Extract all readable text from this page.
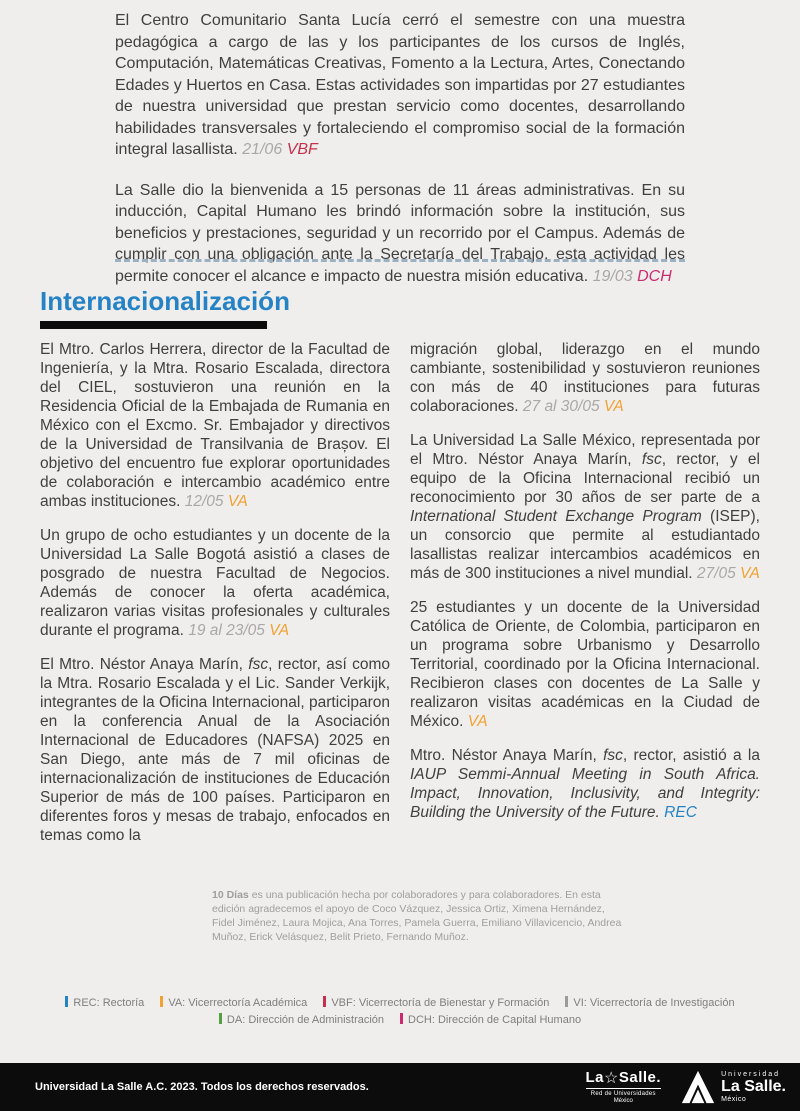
El Centro Comunitario Santa Lucía cerró el semestre con una muestra pedagógica a cargo de las y los participantes de los cursos de Inglés, Computación, Matemáticas Creativas, Fomento a la Lectura, Artes, Conectando Edades y Huertos en Casa. Estas actividades son impartidas por 27 estudiantes de nuestra universidad que prestan servicio como docentes, desarrollando habilidades transversales y fortaleciendo el compromiso social de la formación integral lasallista. 21/06 VBF

La Salle dio la bienvenida a 15 personas de 11 áreas administrativas. En su inducción, Capital Humano les brindó información sobre la institución, sus beneficios y prestaciones, seguridad y un recorrido por el Campus. Además de cumplir con una obligación ante la Secretaría del Trabajo, esta actividad les permite conocer el alcance e impacto de nuestra misión educativa. 19/03 DCH

Internacionalización

El Mtro. Carlos Herrera, director de la Facultad de Ingeniería, y la Mtra. Rosario Escalada, directora del CIEL, sostuvieron una reunión en la Residencia Oficial de la Embajada de Rumania en México con el Excmo. Sr. Embajador y directivos de la Universidad de Transilvania de Brașov. El objetivo del encuentro fue explorar oportunidades de colaboración e intercambio académico entre ambas instituciones. 12/05 VA

Un grupo de ocho estudiantes y un docente de la Universidad La Salle Bogotá asistió a clases de posgrado de nuestra Facultad de Negocios. Además de conocer la oferta académica, realizaron varias visitas profesionales y culturales durante el programa. 19 al 23/05 VA

El Mtro. Néstor Anaya Marín, fsc, rector, así como la Mtra. Rosario Escalada y el Lic. Sander Verkijk, integrantes de la Oficina Internacional, participaron en la conferencia Anual de la Asociación Internacional de Educadores (NAFSA) 2025 en San Diego, ante más de 7 mil oficinas de internacionalización de instituciones de Educación Superior de más de 100 países. Participaron en diferentes foros y mesas de trabajo, enfocados en temas como la

migración global, liderazgo en el mundo cambiante, sostenibilidad y sostuvieron reuniones con más de 40 instituciones para futuras colaboraciones. 27 al 30/05 VA

La Universidad La Salle México, representada por el Mtro. Néstor Anaya Marín, fsc, rector, y el equipo de la Oficina Internacional recibió un reconocimiento por 30 años de ser parte de a International Student Exchange Program (ISEP), un consorcio que permite al estudiantado lasallistas realizar intercambios académicos en más de 300 instituciones a nivel mundial. 27/05 VA

25 estudiantes y un docente de la Universidad Católica de Oriente, de Colombia, participaron en un programa sobre Urbanismo y Desarrollo Territorial, coordinado por la Oficina Internacional. Recibieron clases con docentes de La Salle y realizaron visitas académicas en la Ciudad de México. VA

Mtro. Néstor Anaya Marín, fsc, rector, asistió a la IAUP Semmi-Annual Meeting in South Africa. Impact, Innovation, Inclusivity, and Integrity: Building the University of the Future. REC

10 Días es una publicación hecha por colaboradores y para colaboradores. En esta edición agradecemos el apoyo de Coco Vázquez, Jessica Ortiz, Ximena Hernández, Fidel Jiménez, Laura Mojica, Ana Torres, Pamela Guerra, Emiliano Villavicencio, Andrea Muñoz, Erick Velásquez, Belit Prieto, Fernando Muñoz.
REC: Rectoría VA: Vicerrectoría Académica VBF: Vicerrectoría de Bienestar y Formación VI: Vicerrectoría de Investigación
DA: Dirección de Administración DCH: Dirección de Capital Humano
Universidad La Salle A.C. 2023. Todos los derechos reservados.
La☆Salle.
Red de Universidades
México
Universidad
La Salle.
México
